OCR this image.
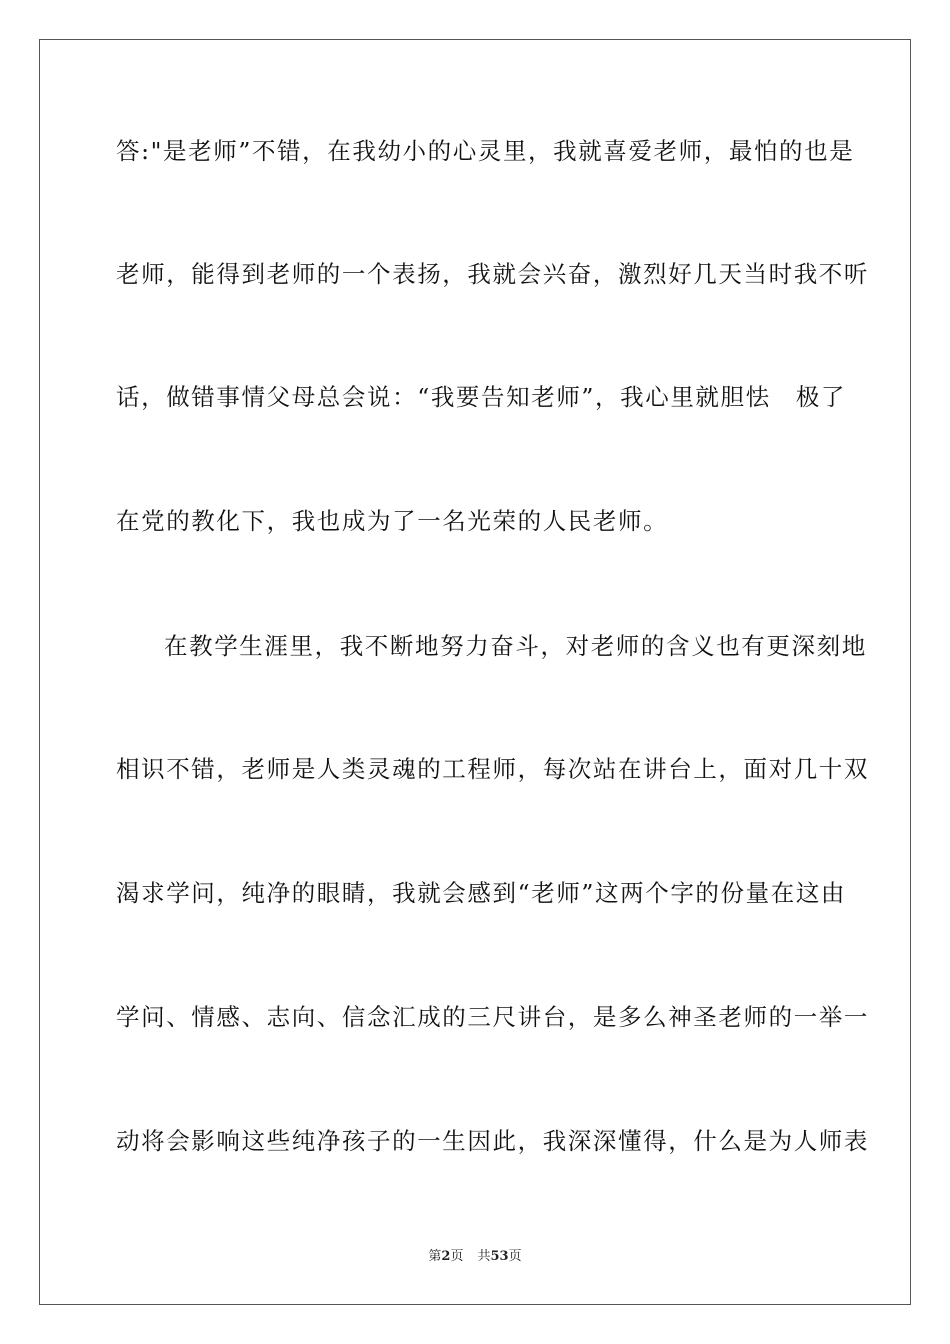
答:"是老师”不错，在我幼小的心灵里，我就喜爱老师，最怕的也是
老师，能得到老师的一个表扬，我就会兴奋，激烈好几天当时我不听
话，做错事情父母总会说：“我要告知老师”，我心里就胆怯　极了
在党的教化下，我也成为了一名光荣的人民老师。
在教学生涯里，我不断地努力奋斗，对老师的含义也有更深刻地
相识不错，老师是人类灵魂的工程师，每次站在讲台上，面对几十双
渴求学问，纯净的眼睛，我就会感到“老师”这两个字的份量在这由
学问、情感、志向、信念汇成的三尺讲台，是多么神圣老师的一举一
动将会影响这些纯净孩子的一生因此，我深深懂得，什么是为人师表
第2页 共53页
